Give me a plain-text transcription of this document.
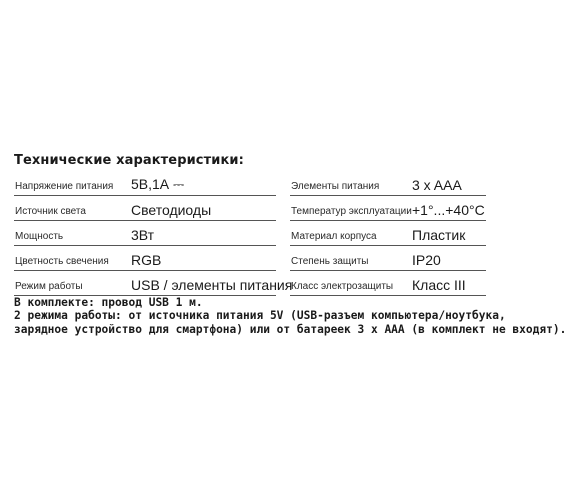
Технические характеристики:
Напряжение питания 5В,1А ⎓
Источник света	Светодиоды
Мощность	3Вт
Цветность свечения RGB
Режим работы	USB / элементы питания
Элементы питания 3 x AAA
Температур эксплуатации +1°...+40°C
Материал корпуса	Пластик
Степень защиты	IP20
Класс электрозащиты Класс III
В комплекте: провод USB 1 м.
2 режима работы: от источника питания 5V (USB-разъем компьютера/ноутбука,
зарядное устройство для смартфона) или от батареек 3 х ААА (в комплект не входят).
